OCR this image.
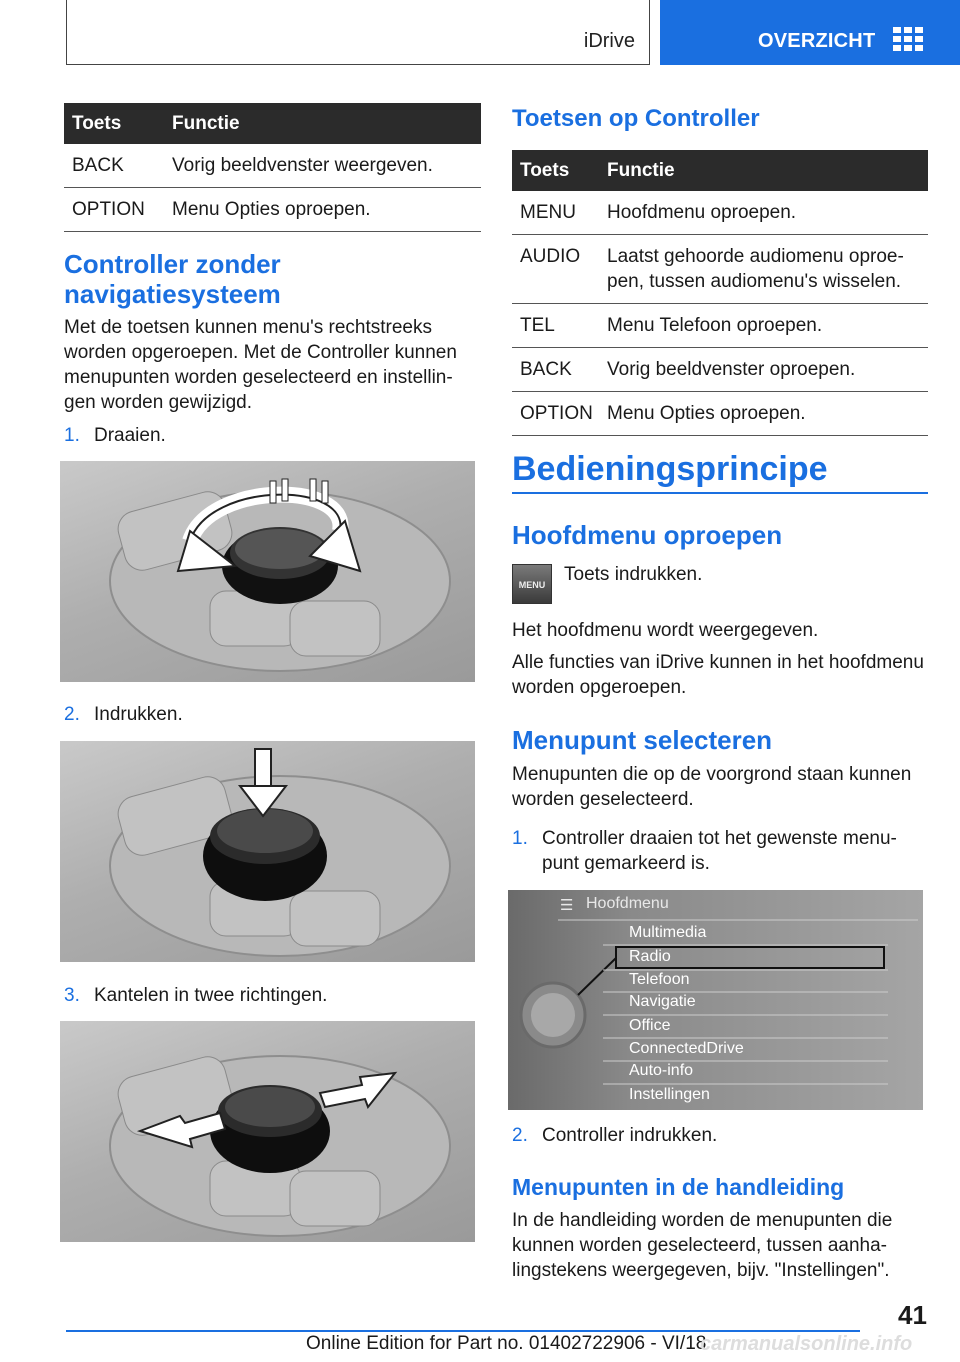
iDrive	OVERZICHT
Toets	Functie
BACK	Vorig beeldvenster weergeven.
OPTION	Menu Opties oproepen.
Controller zonder
navigatiesysteem
Met de toetsen kunnen menu's rechtstreeks
worden opgeroepen. Met de Controller kunnen
menupunten worden geselecteerd en instellin-
gen worden gewijzigd.
1. Draaien.
2. Indrukken.
3. Kantelen in twee richtingen.
Toetsen op Controller
Toets	Functie
MENU	Hoofdmenu oproepen.
AUDIO	Laatst gehoorde audiomenu oproe-
pen, tussen audiomenu's wisselen.
TEL	Menu Telefoon oproepen.
BACK	Vorig beeldvenster oproepen.
OPTION	Menu Opties oproepen.
Bedieningsprincipe
Hoofdmenu oproepen
MENU Toets indrukken.
Het hoofdmenu wordt weergegeven.
Alle functies van iDrive kunnen in het hoofdmenu
worden opgeroepen.
Menupunt selecteren
Menupunten die op de voorgrond staan kunnen
worden geselecteerd.
1. Controller draaien tot het gewenste menu-
punt gemarkeerd is.
☰ Hoofdmenu
Multimedia
Radio
Telefoon
Navigatie
Office
ConnectedDrive
Auto-info
Instellingen
2. Controller indrukken.
Menupunten in de handleiding
In de handleiding worden de menupunten die
kunnen worden geselecteerd, tussen aanha-
lingstekens weergegeven, bijv. "Instellingen".
41
Online Edition for Part no. 01402722906 - VI/18
carmanualsonline.info
